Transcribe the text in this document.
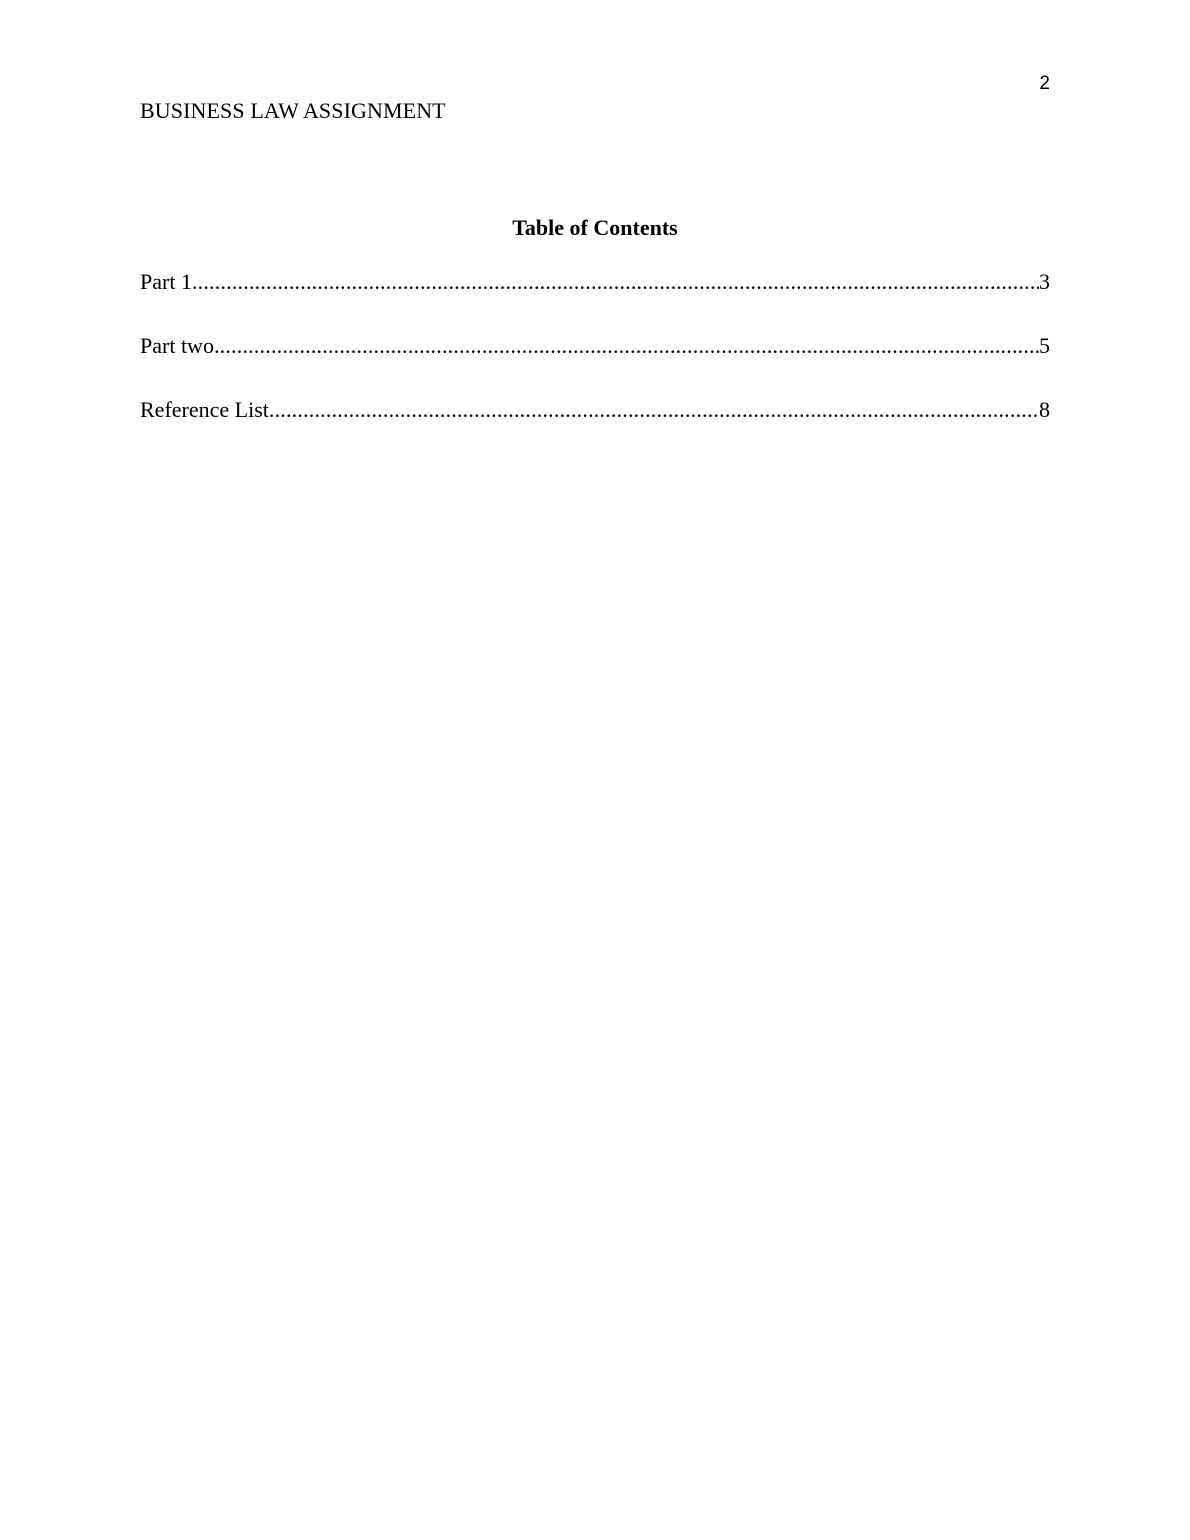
2
BUSINESS LAW ASSIGNMENT
Table of Contents
Part 1 .....	3
Part two .....	5
Reference List .....	8
